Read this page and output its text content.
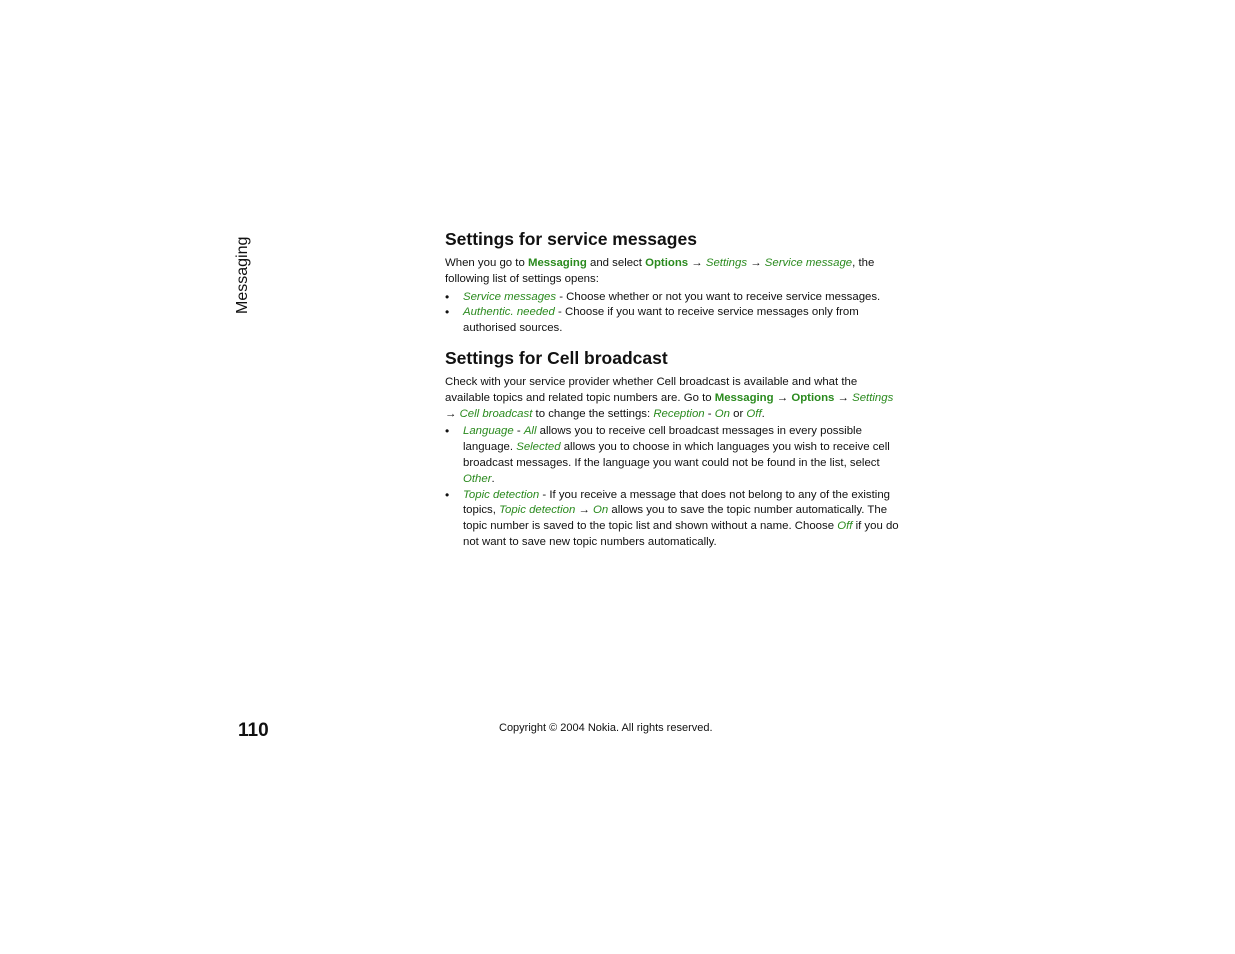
Messaging	Settings for service messages

When you go to Messaging and select Options → Settings → Service message, the following list of settings opens:

• Service messages - Choose whether or not you want to receive service messages.
• Authentic. needed - Choose if you want to receive service messages only from authorised sources.
Settings for Cell broadcast

Check with your service provider whether Cell broadcast is available and what the available topics and related topic numbers are. Go to Messaging → Options → Settings
→ Cell broadcast to change the settings: Reception - On or Off.

• Language - All allows you to receive cell broadcast messages in every possible language. Selected allows you to choose in which languages you wish to receive cell broadcast messages. If the language you want could not be found in the list, select Other.
• Topic detection - If you receive a message that does not belong to any of the existing topics, Topic detection → On allows you to save the topic number automatically. The topic number is saved to the topic list and shown without a name. Choose Off if you do not want to save new topic numbers automatically.
110	Copyright © 2004 Nokia. All rights reserved.
